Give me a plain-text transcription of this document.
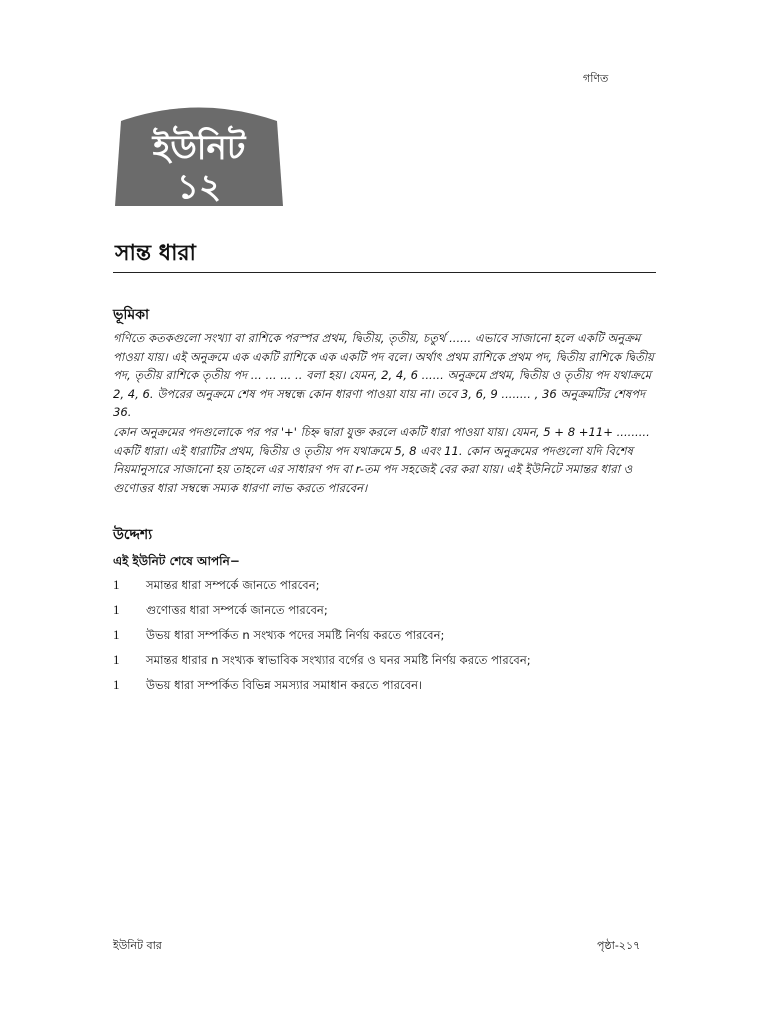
গণিত
ইউনিট
১২
সান্ত ধারা
ভূমিকা

গণিতে কতকগুলো সংখ্যা বা রাশিকে পরস্পর প্রথম, দ্বিতীয়, তৃতীয়, চতুর্থ ...... এভাবে সাজানো হলে একটি অনুক্রম পাওয়া যায়। এই অনুক্রমে এক একটি রাশিকে এক একটি পদ বলে। অর্থাৎ প্রথম রাশিকে প্রথম পদ, দ্বিতীয় রাশিকে দ্বিতীয় পদ, তৃতীয় রাশিকে তৃতীয় পদ ... ... ... .. বলা হয়। যেমন, 2, 4, 6 ...... অনুক্রমে প্রথম, দ্বিতীয় ও তৃতীয় পদ যথাক্রমে 2, 4, 6. উপরের অনুক্রমে শেষ পদ সম্বন্ধে কোন ধারণা পাওয়া যায় না। তবে 3, 6, 9 ........ , 36 অনুক্রমটির শেষপদ 36.

কোন অনুক্রমের পদগুলোকে পর পর '+' চিহ্ন দ্বারা যুক্ত করলে একটি ধারা পাওয়া যায়। যেমন, 5 + 8 +11+ ......... একটি ধারা। এই ধারাটির প্রথম, দ্বিতীয় ও তৃতীয় পদ যথাক্রমে 5, 8 এবং 11. কোন অনুক্রমের পদগুলো যদি বিশেষ নিয়মানুসারে সাজানো হয় তাহলে এর সাধারণ পদ বা r-তম পদ সহজেই বের করা যায়। এই ইউনিটে সমান্তর ধারা ও গুণোত্তর ধারা সম্বন্ধে সম্যক ধারণা লাভ করতে পারবেন।

উদ্দেশ্য
এই ইউনিট শেষে আপনি−
1	সমান্তর ধারা সম্পর্কে জানতে পারবেন;
1	গুণোত্তর ধারা সম্পর্কে জানতে পারবেন;
1	উভয় ধারা সম্পর্কিত n সংখ্যক পদের সমষ্টি নির্ণয় করতে পারবেন;
1	সমান্তর ধারার n সংখ্যক স্বাভাবিক সংখ্যার বর্গের ও ঘনর সমষ্টি নির্ণয় করতে পারবেন;
1	উভয় ধারা সম্পর্কিত বিভিন্ন সমস্যার সমাধান করতে পারবেন।
ইউনিট বার	পৃষ্ঠা-২১৭
